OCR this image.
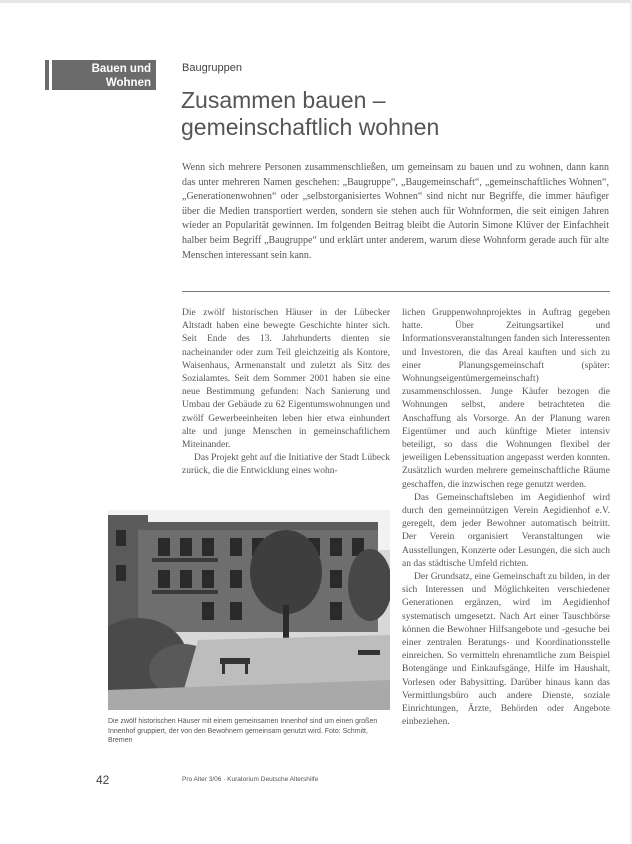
Bauen und
Wohnen
Baugruppen
Zusammen bauen –
gemeinschaftlich wohnen

Wenn sich mehrere Personen zusammenschließen, um gemeinsam zu bauen und zu wohnen, dann kann das unter mehreren Namen geschehen: „Baugruppe“, „Baugemeinschaft“, „gemeinschaftliches Wohnen“, „Generationenwohnen“ oder „selbstorganisiertes Wohnen“ sind nicht nur Begriffe, die immer häufiger über die Medien transportiert werden, sondern sie stehen auch für Wohnformen, die seit einigen Jahren wieder an Popularität gewinnen. Im folgenden Beitrag bleibt die Autorin Simone Klüver der Einfachheit halber beim Begriff „Baugruppe“ und erklärt unter anderem, warum diese Wohnform gerade auch für alte Menschen interessant sein kann.

Die zwölf historischen Häuser in der Lübecker Altstadt haben eine bewegte Geschichte hinter sich. Seit Ende des 13. Jahrhunderts dienten sie nacheinander oder zum Teil gleichzeitig als Kontore, Waisenhaus, Armenanstalt und zuletzt als Sitz des Sozialamtes. Seit dem Sommer 2001 haben sie eine neue Bestimmung gefunden: Nach Sanierung und Umbau der Gebäude zu 62 Eigentumswohnungen und zwölf Gewerbeeinheiten leben hier etwa einhundert alte und junge Menschen in gemeinschaftlichem Miteinander.

Das Projekt geht auf die Initiative der Stadt Lübeck zurück, die die Entwicklung eines wohn-

lichen Gruppenwohnprojektes in Auftrag gegeben hatte. Über Zeitungsartikel und Informationsveranstaltungen fanden sich Interessenten und Investoren, die das Areal kauften und sich zu einer Planungsgemeinschaft (später: Wohnungseigentümergemeinschaft) zusammenschlossen. Junge Käufer bezogen die Wohnungen selbst, andere betrachteten die Anschaffung als Vorsorge. An der Planung waren Eigentümer und auch künftige Mieter intensiv beteiligt, so dass die Wohnungen flexibel der jeweiligen Lebenssituation angepasst werden konnten. Zusätzlich wurden mehrere gemeinschaftliche Räume geschaffen, die inzwischen rege genutzt werden.

Das Gemeinschaftsleben im Aegidienhof wird durch den gemeinnützigen Verein Aegidienhof e.V. geregelt, dem jeder Bewohner automatisch beitritt. Der Verein organisiert Veranstaltungen wie Ausstellungen, Konzerte oder Lesungen, die sich auch an das städtische Umfeld richten.

Der Grundsatz, eine Gemeinschaft zu bilden, in der sich Interessen und Möglichkeiten verschiedener Generationen ergänzen, wird im Aegidienhof systematisch umgesetzt. Nach Art einer Tauschbörse können die Bewohner Hilfsangebote und -gesuche bei einer zentralen Beratungs- und Koordinationsstelle einreichen. So vermitteln ehrenamtliche zum Beispiel Botengänge und Einkaufsgänge, Hilfe im Haushalt, Vorlesen oder Babysitting. Darüber hinaus kann das Vermittlungsbüro auch andere Dienste, soziale Einrichtungen, Ärzte, Behörden oder Angebote einbeziehen.

Die zwölf historischen Häuser mit einem gemeinsamen Innenhof sind um einen großen Innenhof gruppiert, der von den Bewohnern gemeinsam genutzt wird. Foto: Schmitt, Bremen

42	Pro Alter 3/06 · Kuratorium Deutsche Altershilfe
